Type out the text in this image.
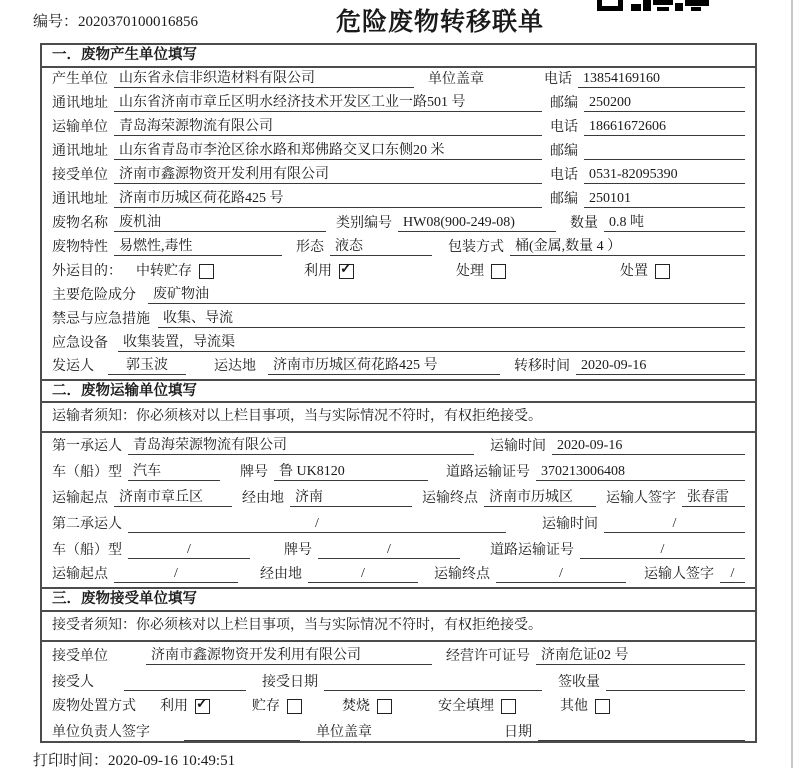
编号：2020370100016856	危险废物转移联单
一．废物产生单位填写
产生单位 山东省永信非织造材料有限公司	单位盖章	电话 13854169160
通讯地址 山东省济南市章丘区明水经济技术开发区工业一路501 号	邮编 250200
运输单位 青岛海荣源物流有限公司	电话 18661672606
通讯地址 山东省青岛市李沧区徐水路和郑佛路交叉口东侧20 米	邮编
接受单位 济南市鑫源物资开发利用有限公司	电话 0531-82095390
通讯地址 济南市历城区荷花路425 号	邮编 250101
废物名称 废机油	类别编号 HW08(900-249-08)	数量 0.8 吨
废物特性 易燃性,毒性	形态 液态	包装方式 桶(金属,数量 4 ）
外运目的： 中转贮存	利用 ✓	处理	处置
主要危险成分	废矿物油
禁忌与应急措施 收集、导流
应急设备	收集装置，导流渠
发运人	郭玉波	运达地	济南市历城区荷花路425 号	转移时间 2020-09-16
二．废物运输单位填写
运输者须知：你必须核对以上栏目事项，当与实际情况不符时，有权拒绝接受。
第一承运人 青岛海荣源物流有限公司	运输时间 2020-09-16
车（船）型 汽车	牌号 鲁 UK8120	道路运输证号 370213006408
运输起点 济南市章丘区	经由地 济南	运输终点 济南市历城区	运输人签字 张春雷
第二承运人	/	运输时间	/
车（船）型	/	牌号	/	道路运输证号	/
运输起点	/	经由地	/	运输终点	/	运输人签字	/
三．废物接受单位填写
接受者须知：你必须核对以上栏目事项，当与实际情况不符时，有权拒绝接受。
接受单位	济南市鑫源物资开发利用有限公司	经营许可证号 济南危证02 号
接受人	接受日期	签收量
废物处置方式 利用 ✓	贮存	焚烧	安全填埋	其他
单位负责人签字	单位盖章	日期
打印时间：2020-09-16 10:49:51
